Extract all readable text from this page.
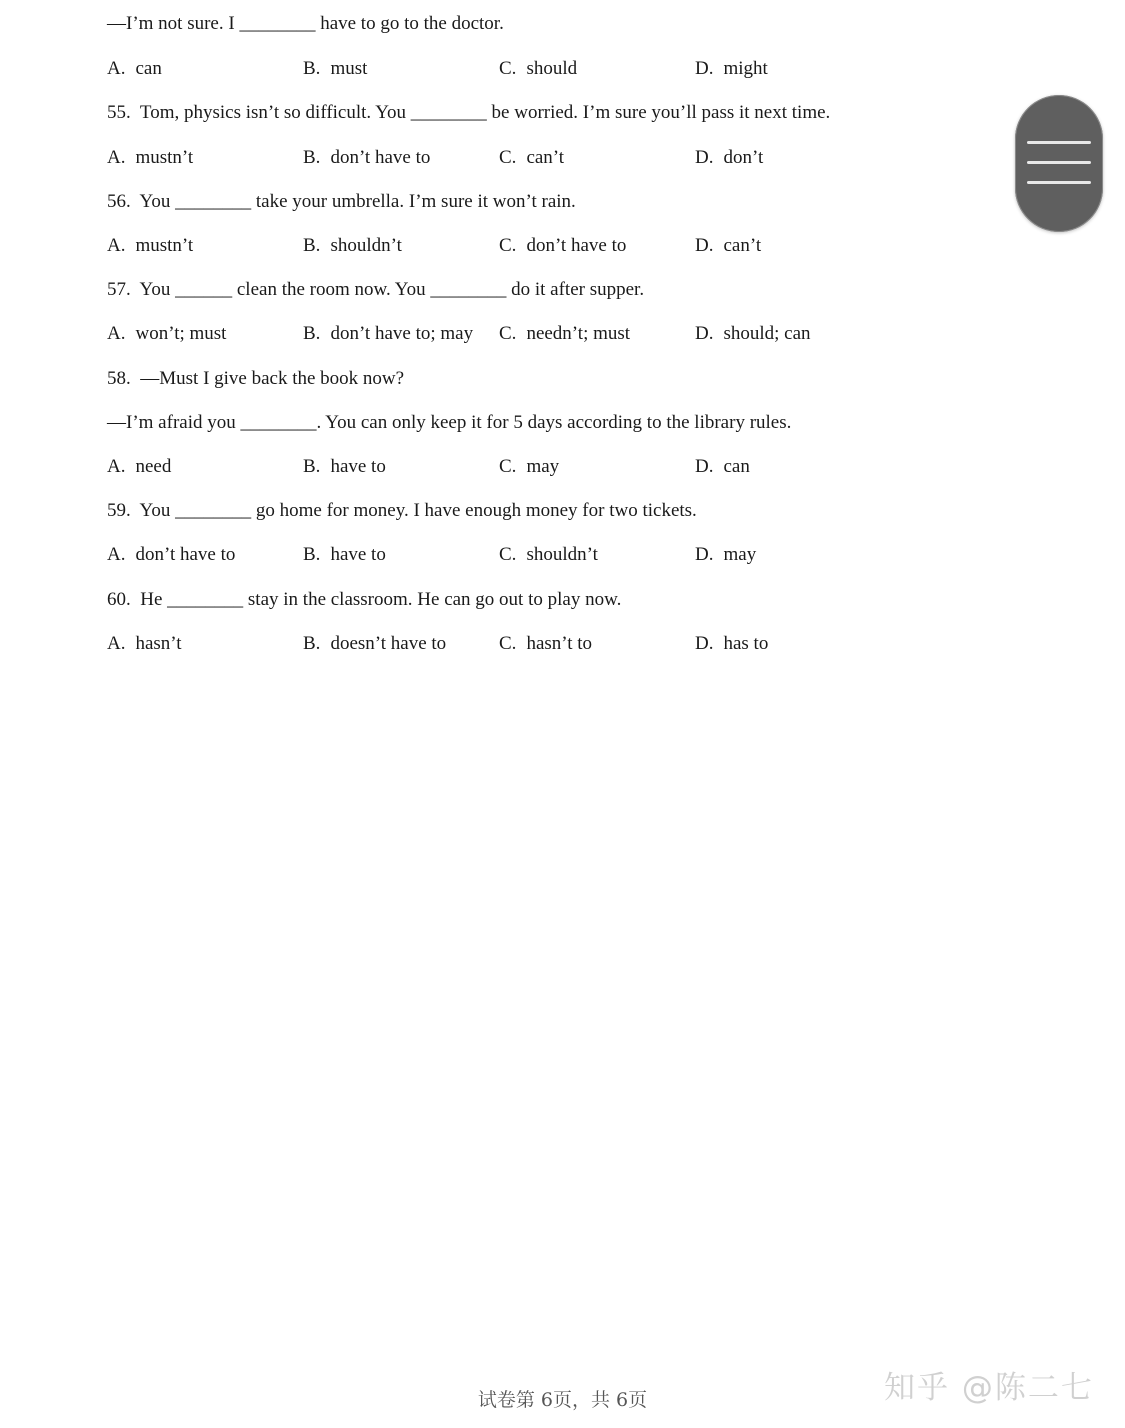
—I’m not sure. I ________ have to go to the doctor.
A. can	B. must	C. should	D. might
55. Tom, physics isn’t so difficult. You ________ be worried. I’m sure you’ll pass it next time.
A. mustn’t	B. don’t have to	C. can’t	D. don’t
56. You ________ take your umbrella. I’m sure it won’t rain.
A. mustn’t	B. shouldn’t	C. don’t have to	D. can’t
57. You ______ clean the room now. You ________ do it after supper.
A. won’t; must	B. don’t have to; may C. needn’t; must	D. should; can
58. —Must I give back the book now?
—I’m afraid you ________. You can only keep it for 5 days according to the library rules.
A. need	B. have to	C. may	D. can
59. You ________ go home for money. I have enough money for two tickets.
A. don’t have to	B. have to	C. shouldn’t	D. may
60. He ________ stay in the classroom. He can go out to play now.
A. hasn’t	B. doesn’t have to	C. hasn’t to	D. has to
试卷第 6页，共 6页	知乎 @陈二七
